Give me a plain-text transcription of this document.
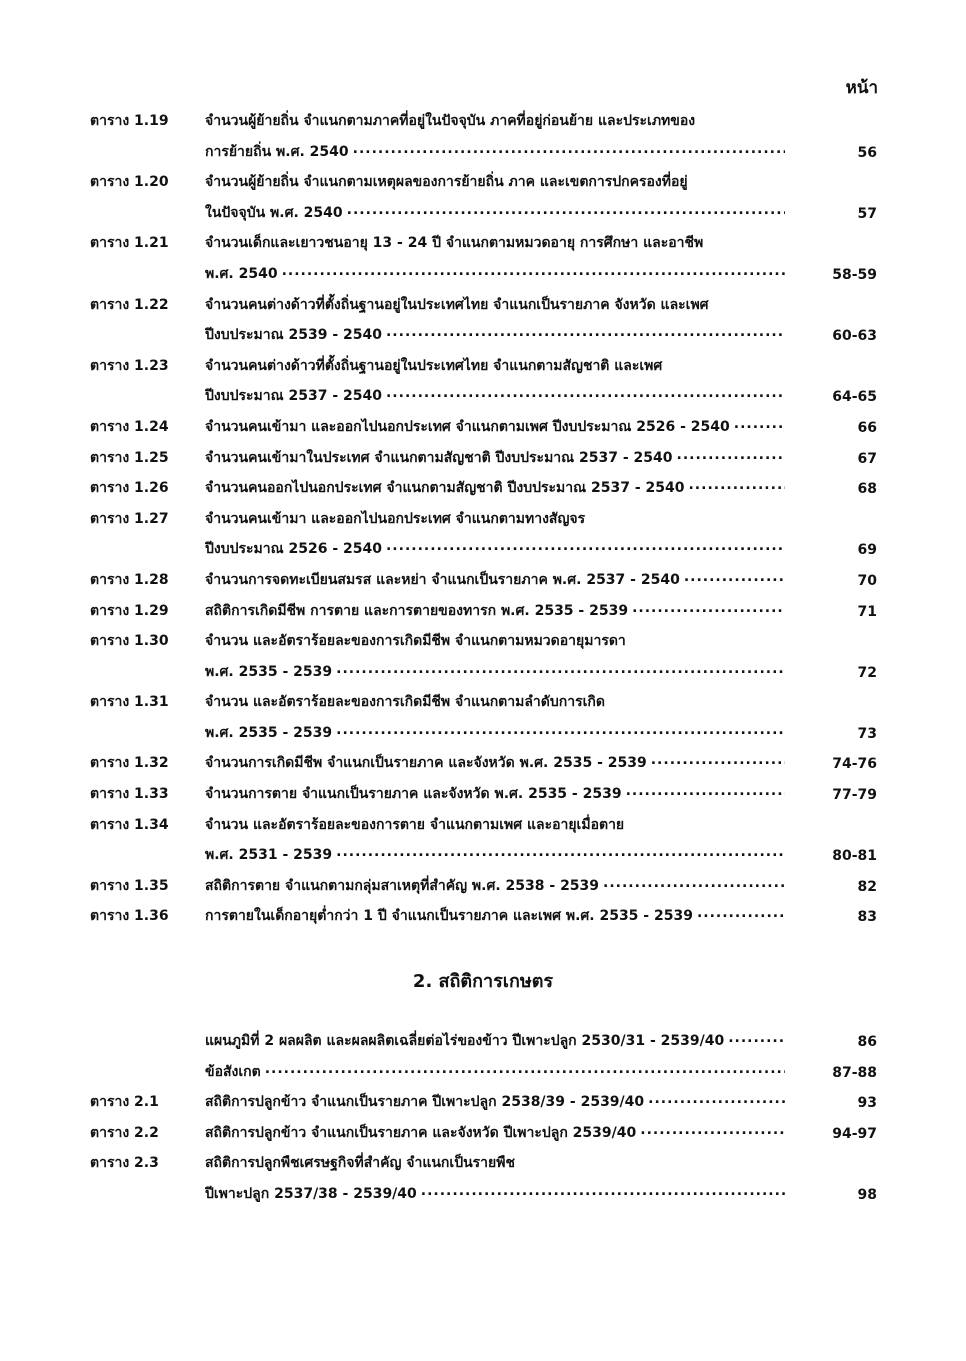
หน้า
ตาราง 1.19	จำนวนผู้ย้ายถิ่น จำแนกตามภาคที่อยู่ในปัจจุบัน ภาคที่อยู่ก่อนย้าย และประเภทของ
การย้ายถิ่น พ.ศ. 2540 .....	56
ตาราง 1.20	จำนวนผู้ย้ายถิ่น จำแนกตามเหตุผลของการย้ายถิ่น ภาค และเขตการปกครองที่อยู่
ในปัจจุบัน พ.ศ. 2540 .....	57
ตาราง 1.21	จำนวนเด็กและเยาวชนอายุ 13 - 24 ปี จำแนกตามหมวดอายุ การศึกษา และอาชีพ
พ.ศ. 2540 .....	58-59
ตาราง 1.22	จำนวนคนต่างด้าวที่ตั้งถิ่นฐานอยู่ในประเทศไทย จำแนกเป็นรายภาค จังหวัด และเพศ
ปีงบประมาณ 2539 - 2540 .....	60-63
ตาราง 1.23	จำนวนคนต่างด้าวที่ตั้งถิ่นฐานอยู่ในประเทศไทย จำแนกตามสัญชาติ และเพศ
ปีงบประมาณ 2537 - 2540 .....	64-65
ตาราง 1.24	จำนวนคนเข้ามา และออกไปนอกประเทศ จำแนกตามเพศ ปีงบประมาณ 2526 - 2540 .....	66
ตาราง 1.25	จำนวนคนเข้ามาในประเทศ จำแนกตามสัญชาติ ปีงบประมาณ 2537 - 2540 .....	67
ตาราง 1.26	จำนวนคนออกไปนอกประเทศ จำแนกตามสัญชาติ ปีงบประมาณ 2537 - 2540 .....	68
ตาราง 1.27	จำนวนคนเข้ามา และออกไปนอกประเทศ จำแนกตามทางสัญจร
ปีงบประมาณ 2526 - 2540 .....	69
ตาราง 1.28	จำนวนการจดทะเบียนสมรส และหย่า จำแนกเป็นรายภาค พ.ศ. 2537 - 2540 .....	70
ตาราง 1.29	สถิติการเกิดมีชีพ การตาย และการตายของทารก พ.ศ. 2535 - 2539 .....	71
ตาราง 1.30	จำนวน และอัตราร้อยละของการเกิดมีชีพ จำแนกตามหมวดอายุมารดา
พ.ศ. 2535 - 2539 .....	72
ตาราง 1.31	จำนวน และอัตราร้อยละของการเกิดมีชีพ จำแนกตามลำดับการเกิด
พ.ศ. 2535 - 2539 .....	73
ตาราง 1.32	จำนวนการเกิดมีชีพ จำแนกเป็นรายภาค และจังหวัด พ.ศ. 2535 - 2539 .....	74-76
ตาราง 1.33	จำนวนการตาย จำแนกเป็นรายภาค และจังหวัด พ.ศ. 2535 - 2539 .....	77-79
ตาราง 1.34	จำนวน และอัตราร้อยละของการตาย จำแนกตามเพศ และอายุเมื่อตาย
พ.ศ. 2531 - 2539 .....	80-81
ตาราง 1.35	สถิติการตาย จำแนกตามกลุ่มสาเหตุที่สำคัญ พ.ศ. 2538 - 2539 .....	82
ตาราง 1.36	การตายในเด็กอายุต่ำกว่า 1 ปี จำแนกเป็นรายภาค และเพศ พ.ศ. 2535 - 2539 .....	83
2. สถิติการเกษตร
แผนภูมิที่ 2 ผลผลิต และผลผลิตเฉลี่ยต่อไร่ของข้าว ปีเพาะปลูก 2530/31 - 2539/40 .....	86
ข้อสังเกต .....	87-88
ตาราง 2.1	สถิติการปลูกข้าว จำแนกเป็นรายภาค ปีเพาะปลูก 2538/39 - 2539/40 .....	93
ตาราง 2.2	สถิติการปลูกข้าว จำแนกเป็นรายภาค และจังหวัด ปีเพาะปลูก 2539/40 .....	94-97
ตาราง 2.3	สถิติการปลูกพืชเศรษฐกิจที่สำคัญ จำแนกเป็นรายพืช
ปีเพาะปลูก 2537/38 - 2539/40 .....	98
